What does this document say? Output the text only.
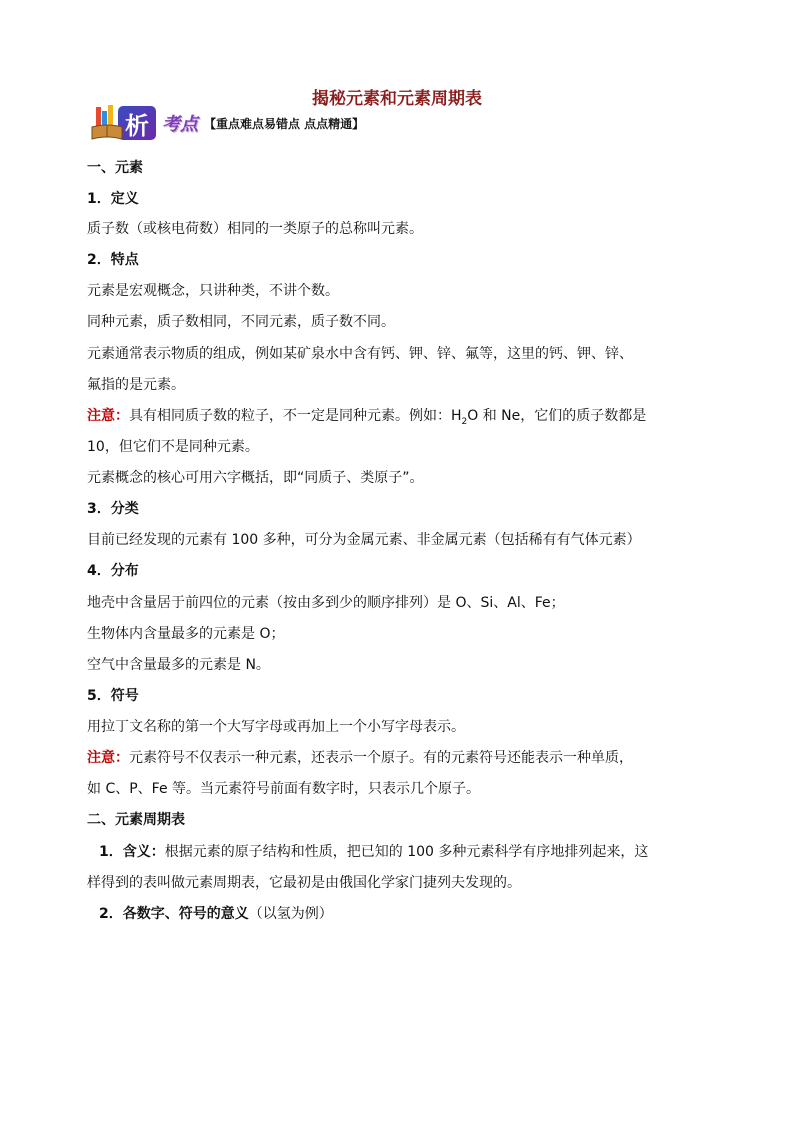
揭秘元素和元素周期表
析 考点 【重点难点易错点 点点精通】
一、元素
1．定义
质子数（或核电荷数）相同的一类原子的总称叫元素。
2．特点
元素是宏观概念，只讲种类，不讲个数。
同种元素，质子数相同，不同元素，质子数不同。
元素通常表示物质的组成，例如某矿泉水中含有钙、钾、锌、氟等，这里的钙、钾、锌、
氟指的是元素。
注意：具有相同质子数的粒子，不一定是同种元素。例如：$H_2O$ 和 Ne，它们的质子数都是
10，但它们不是同种元素。
元素概念的核心可用六字概括，即“同质子、类原子”。
3．分类
目前已经发现的元素有 100 多种，可分为金属元素、非金属元素（包括稀有有气体元素）
4．分布
地壳中含量居于前四位的元素（按由多到少的顺序排列）是 O、Si、Al、Fe；
生物体内含量最多的元素是 O；
空气中含量最多的元素是 N。
5．符号
用拉丁文名称的第一个大写字母或再加上一个小写字母表示。
注意：元素符号不仅表示一种元素，还表示一个原子。有的元素符号还能表示一种单质，
如 C、P、Fe 等。当元素符号前面有数字时，只表示几个原子。
二、元素周期表
1．含义：根据元素的原子结构和性质，把已知的 100 多种元素科学有序地排列起来，这
样得到的表叫做元素周期表，它最初是由俄国化学家门捷列夫发现的。
2．各数字、符号的意义（以氢为例）
